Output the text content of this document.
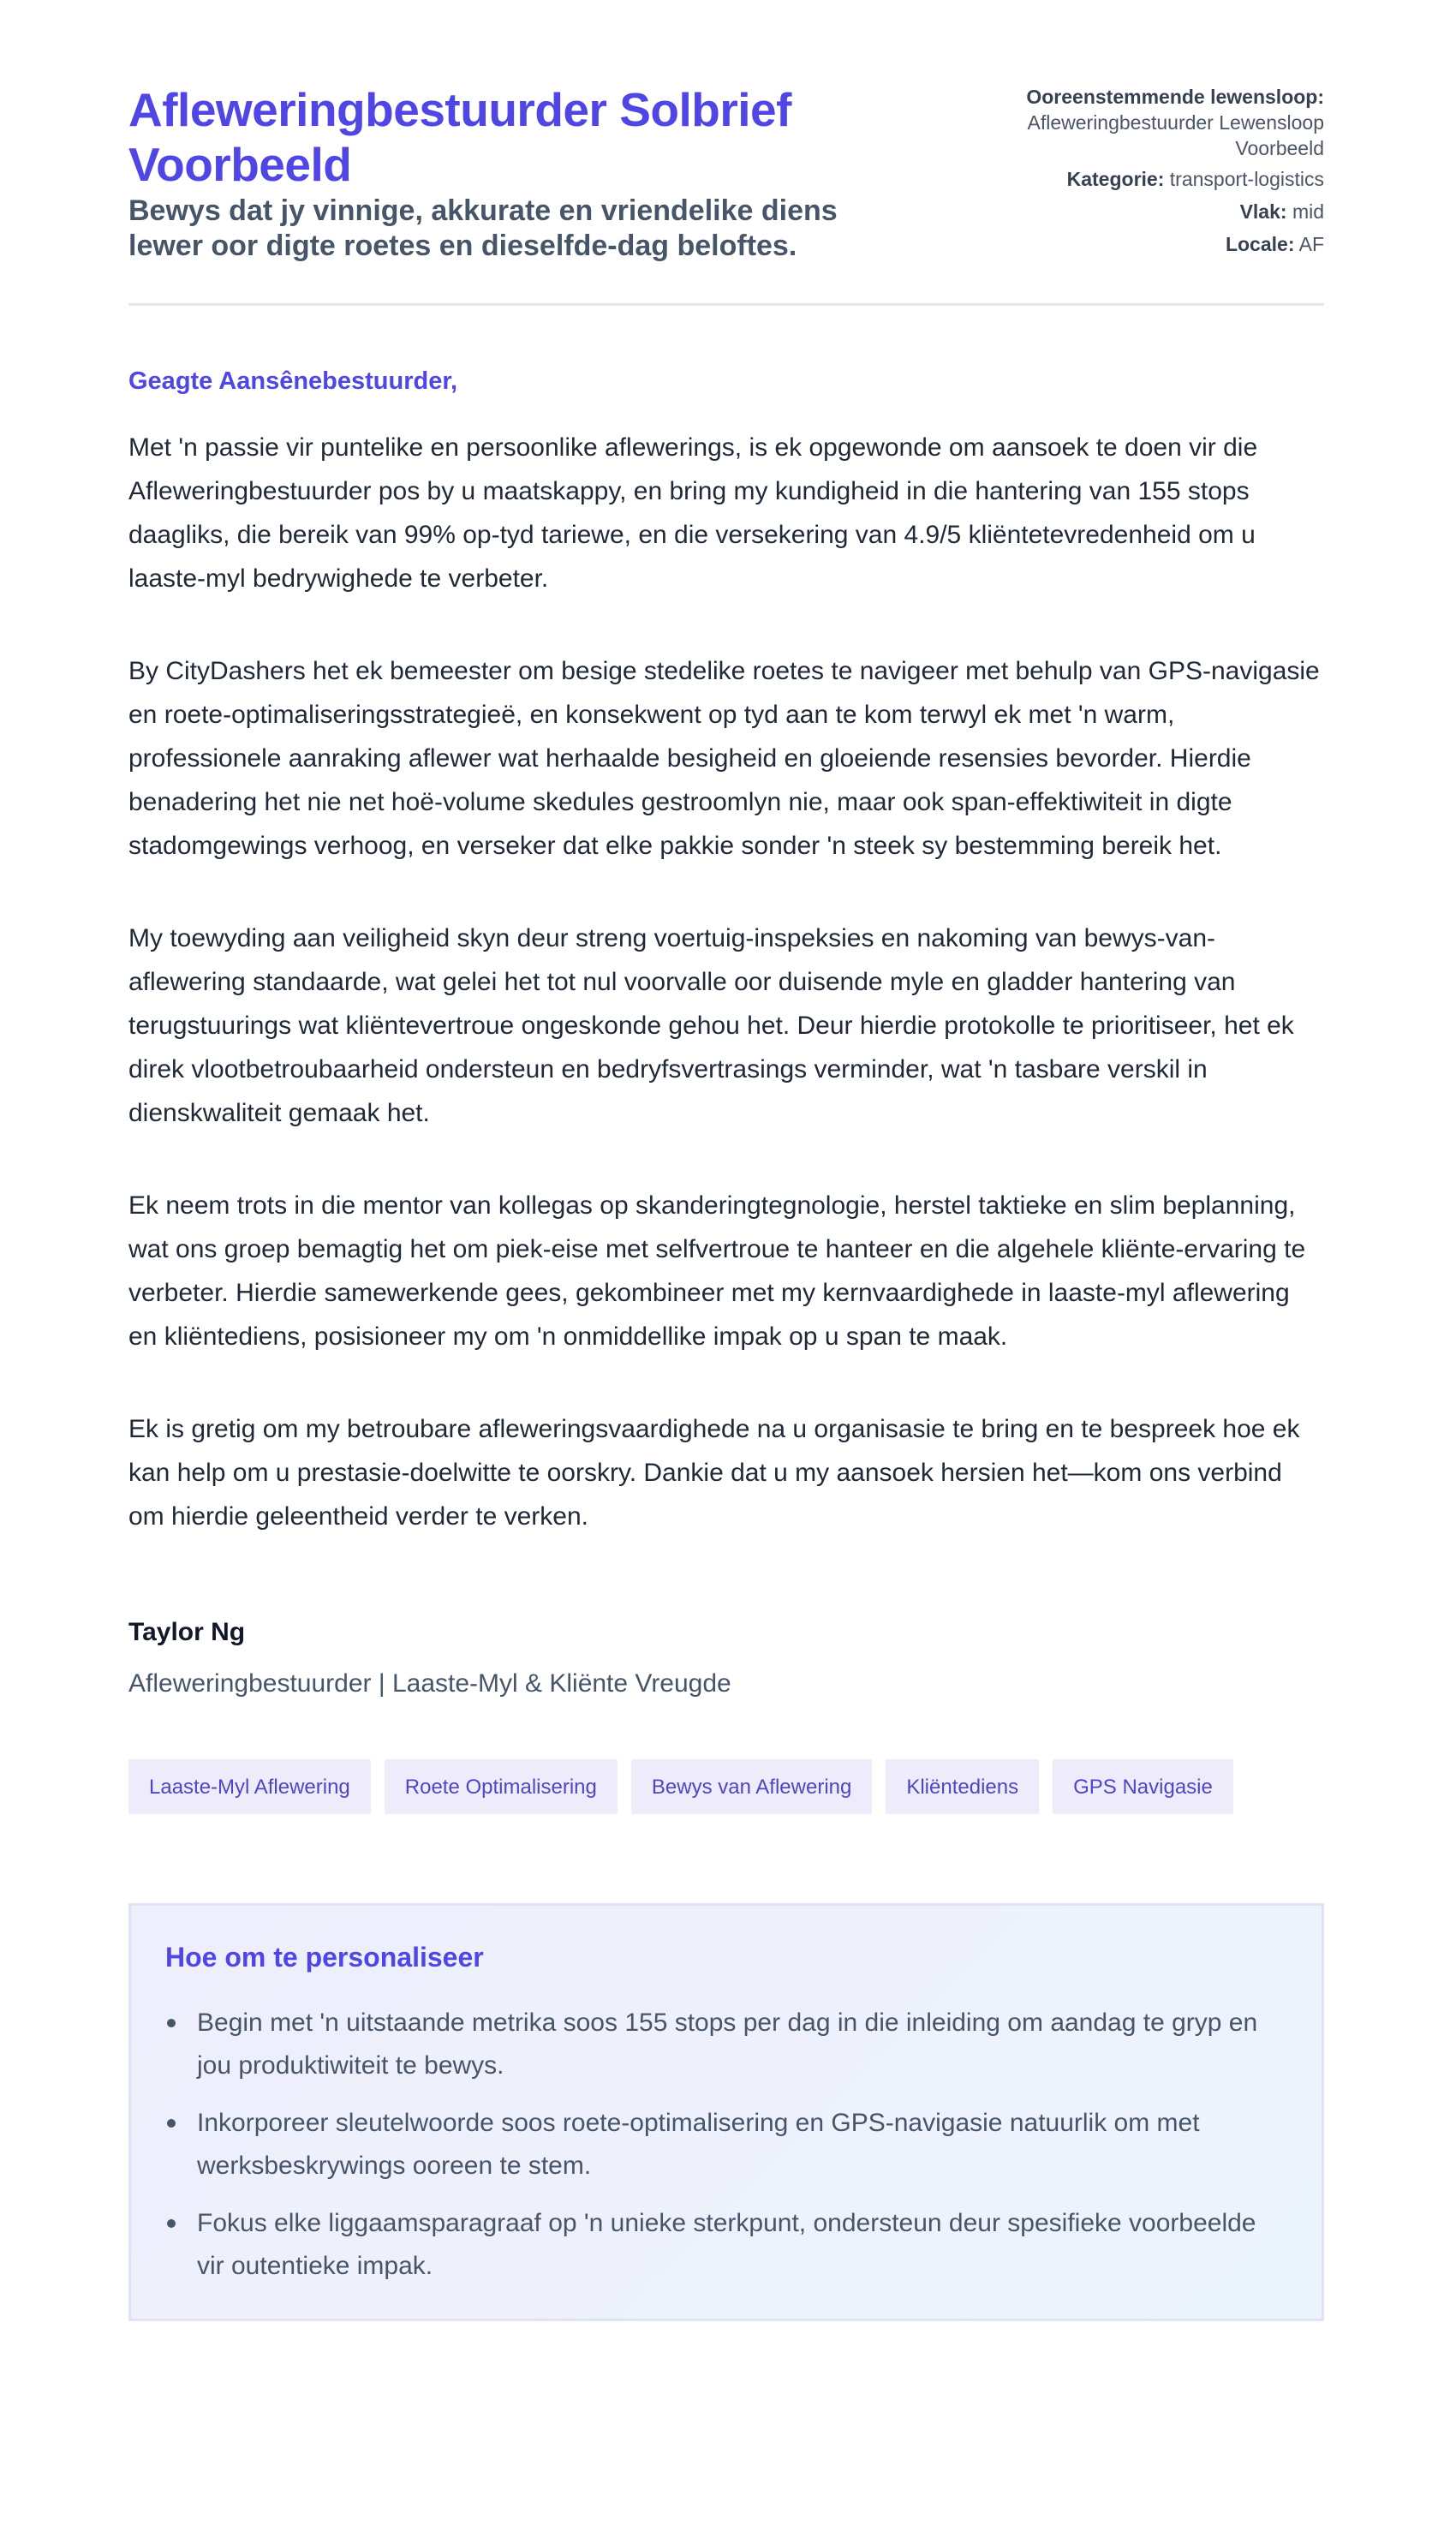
Afleweringbestuurder Solbrief Voorbeeld

Bewys dat jy vinnige, akkurate en vriendelike diens lewer oor digte roetes en dieselfde-dag beloftes.

Ooreenstemmende lewensloop:
Afleweringbestuurder Lewensloop Voorbeeld
Kategorie: transport-logistics
Vlak: mid
Locale: AF

Geagte Aansênebestuurder,

Met 'n passie vir puntelike en persoonlike aflewerings, is ek opgewonde om aansoek te doen vir die Afleweringbestuurder pos by u maatskappy, en bring my kundigheid in die hantering van 155 stops daagliks, die bereik van 99% op-tyd tariewe, en die versekering van 4.9/5 kliëntetevredenheid om u laaste-myl bedrywighede te verbeter.

By CityDashers het ek bemeester om besige stedelike roetes te navigeer met behulp van GPS-navigasie en roete-optimaliseringsstrategieë, en konsekwent op tyd aan te kom terwyl ek met 'n warm, professionele aanraking aflewer wat herhaalde besigheid en gloeiende resensies bevorder. Hierdie benadering het nie net hoë-volume skedules gestroomlyn nie, maar ook span-effektiwiteit in digte stadomgewings verhoog, en verseker dat elke pakkie sonder 'n steek sy bestemming bereik het.

My toewyding aan veiligheid skyn deur streng voertuig-inspeksies en nakoming van bewys-van-aflewering standaarde, wat gelei het tot nul voorvalle oor duisende myle en gladder hantering van terugstuurings wat kliëntevertroue ongeskonde gehou het. Deur hierdie protokolle te prioritiseer, het ek direk vlootbetroubaarheid ondersteun en bedryfsvertrasings verminder, wat 'n tasbare verskil in dienskwaliteit gemaak het.

Ek neem trots in die mentor van kollegas op skanderingtegnologie, herstel taktieke en slim beplanning, wat ons groep bemagtig het om piek-eise met selfvertroue te hanteer en die algehele kliënte-ervaring te verbeter. Hierdie samewerkende gees, gekombineer met my kernvaardighede in laaste-myl aflewering en kliëntediens, posisioneer my om 'n onmiddellike impak op u span te maak.

Ek is gretig om my betroubare afleweringsvaardighede na u organisasie te bring en te bespreek hoe ek kan help om u prestasie-doelwitte te oorskry. Dankie dat u my aansoek hersien het—kom ons verbind om hierdie geleentheid verder te verken.

Taylor Ng

Afleweringbestuurder | Laaste-Myl & Kliënte Vreugde

Laaste-Myl Aflewering	Roete Optimalisering	Bewys van Aflewering	Kliëntediens	GPS Navigasie
Hoe om te personaliseer
Begin met 'n uitstaande metrika soos 155 stops per dag in die inleiding om aandag te gryp en jou produktiwiteit te bewys.
Inkorporeer sleutelwoorde soos roete-optimalisering en GPS-navigasie natuurlik om met werksbeskrywings ooreen te stem.
Fokus elke liggaamsparagraaf op 'n unieke sterkpunt, ondersteun deur spesifieke voorbeelde vir outentieke impak.
